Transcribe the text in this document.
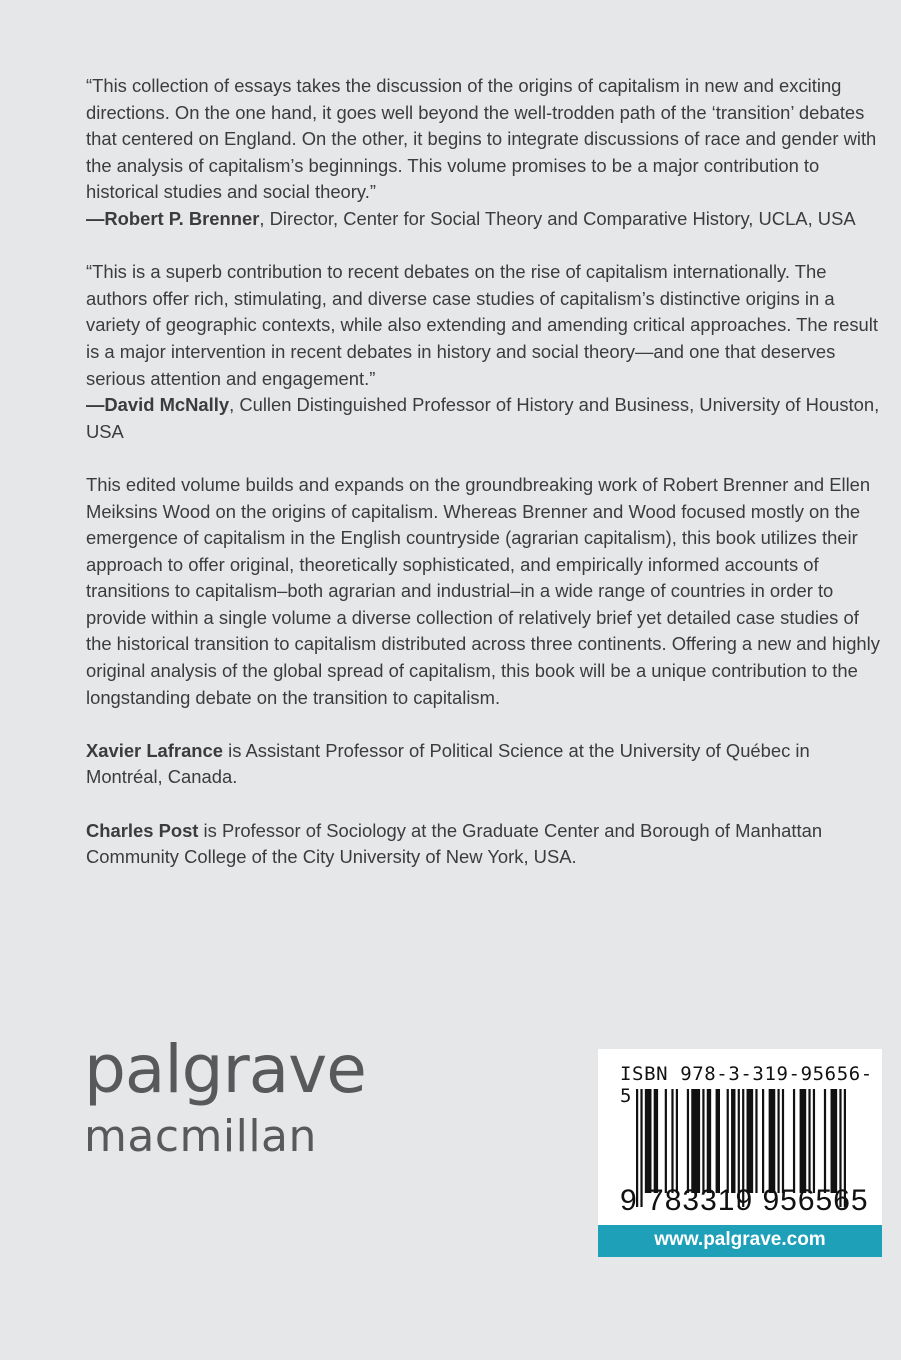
“This collection of essays takes the discussion of the origins of capitalism in new and exciting directions. On the one hand, it goes well beyond the well-trodden path of the ‘transition’ debates that centered on England. On the other, it begins to integrate discussions of race and gender with the analysis of capitalism’s beginnings. This volume promises to be a major contribution to historical studies and social theory.”
—Robert P. Brenner, Director, Center for Social Theory and Comparative History, UCLA, USA

“This is a superb contribution to recent debates on the rise of capitalism internationally. The authors offer rich, stimulating, and diverse case studies of capitalism’s distinctive origins in a variety of geographic contexts, while also extending and amending critical approaches. The result is a major intervention in recent debates in history and social theory—and one that deserves serious attention and engagement.”
—David McNally, Cullen Distinguished Professor of History and Business, University of Houston, USA

This edited volume builds and expands on the groundbreaking work of Robert Brenner and Ellen Meiksins Wood on the origins of capitalism. Whereas Brenner and Wood focused mostly on the emergence of capitalism in the English countryside (agrarian capitalism), this book utilizes their approach to offer original, theoretically sophisticated, and empirically informed accounts of transitions to capitalism–both agrarian and industrial–in a wide range of countries in order to provide within a single volume a diverse collection of relatively brief yet detailed case studies of the historical transition to capitalism distributed across three continents. Offering a new and highly original analysis of the global spread of capitalism, this book will be a unique contribution to the longstanding debate on the transition to capitalism.

Xavier Lafrance is Assistant Professor of Political Science at the University of Québec in Montréal, Canada.

Charles Post is Professor of Sociology at the Graduate Center and Borough of Manhattan Community College of the City University of New York, USA.

palgrave
macmillan
ISBN 978-3-319-95656-5
9 783319 956565
www.palgrave.com
